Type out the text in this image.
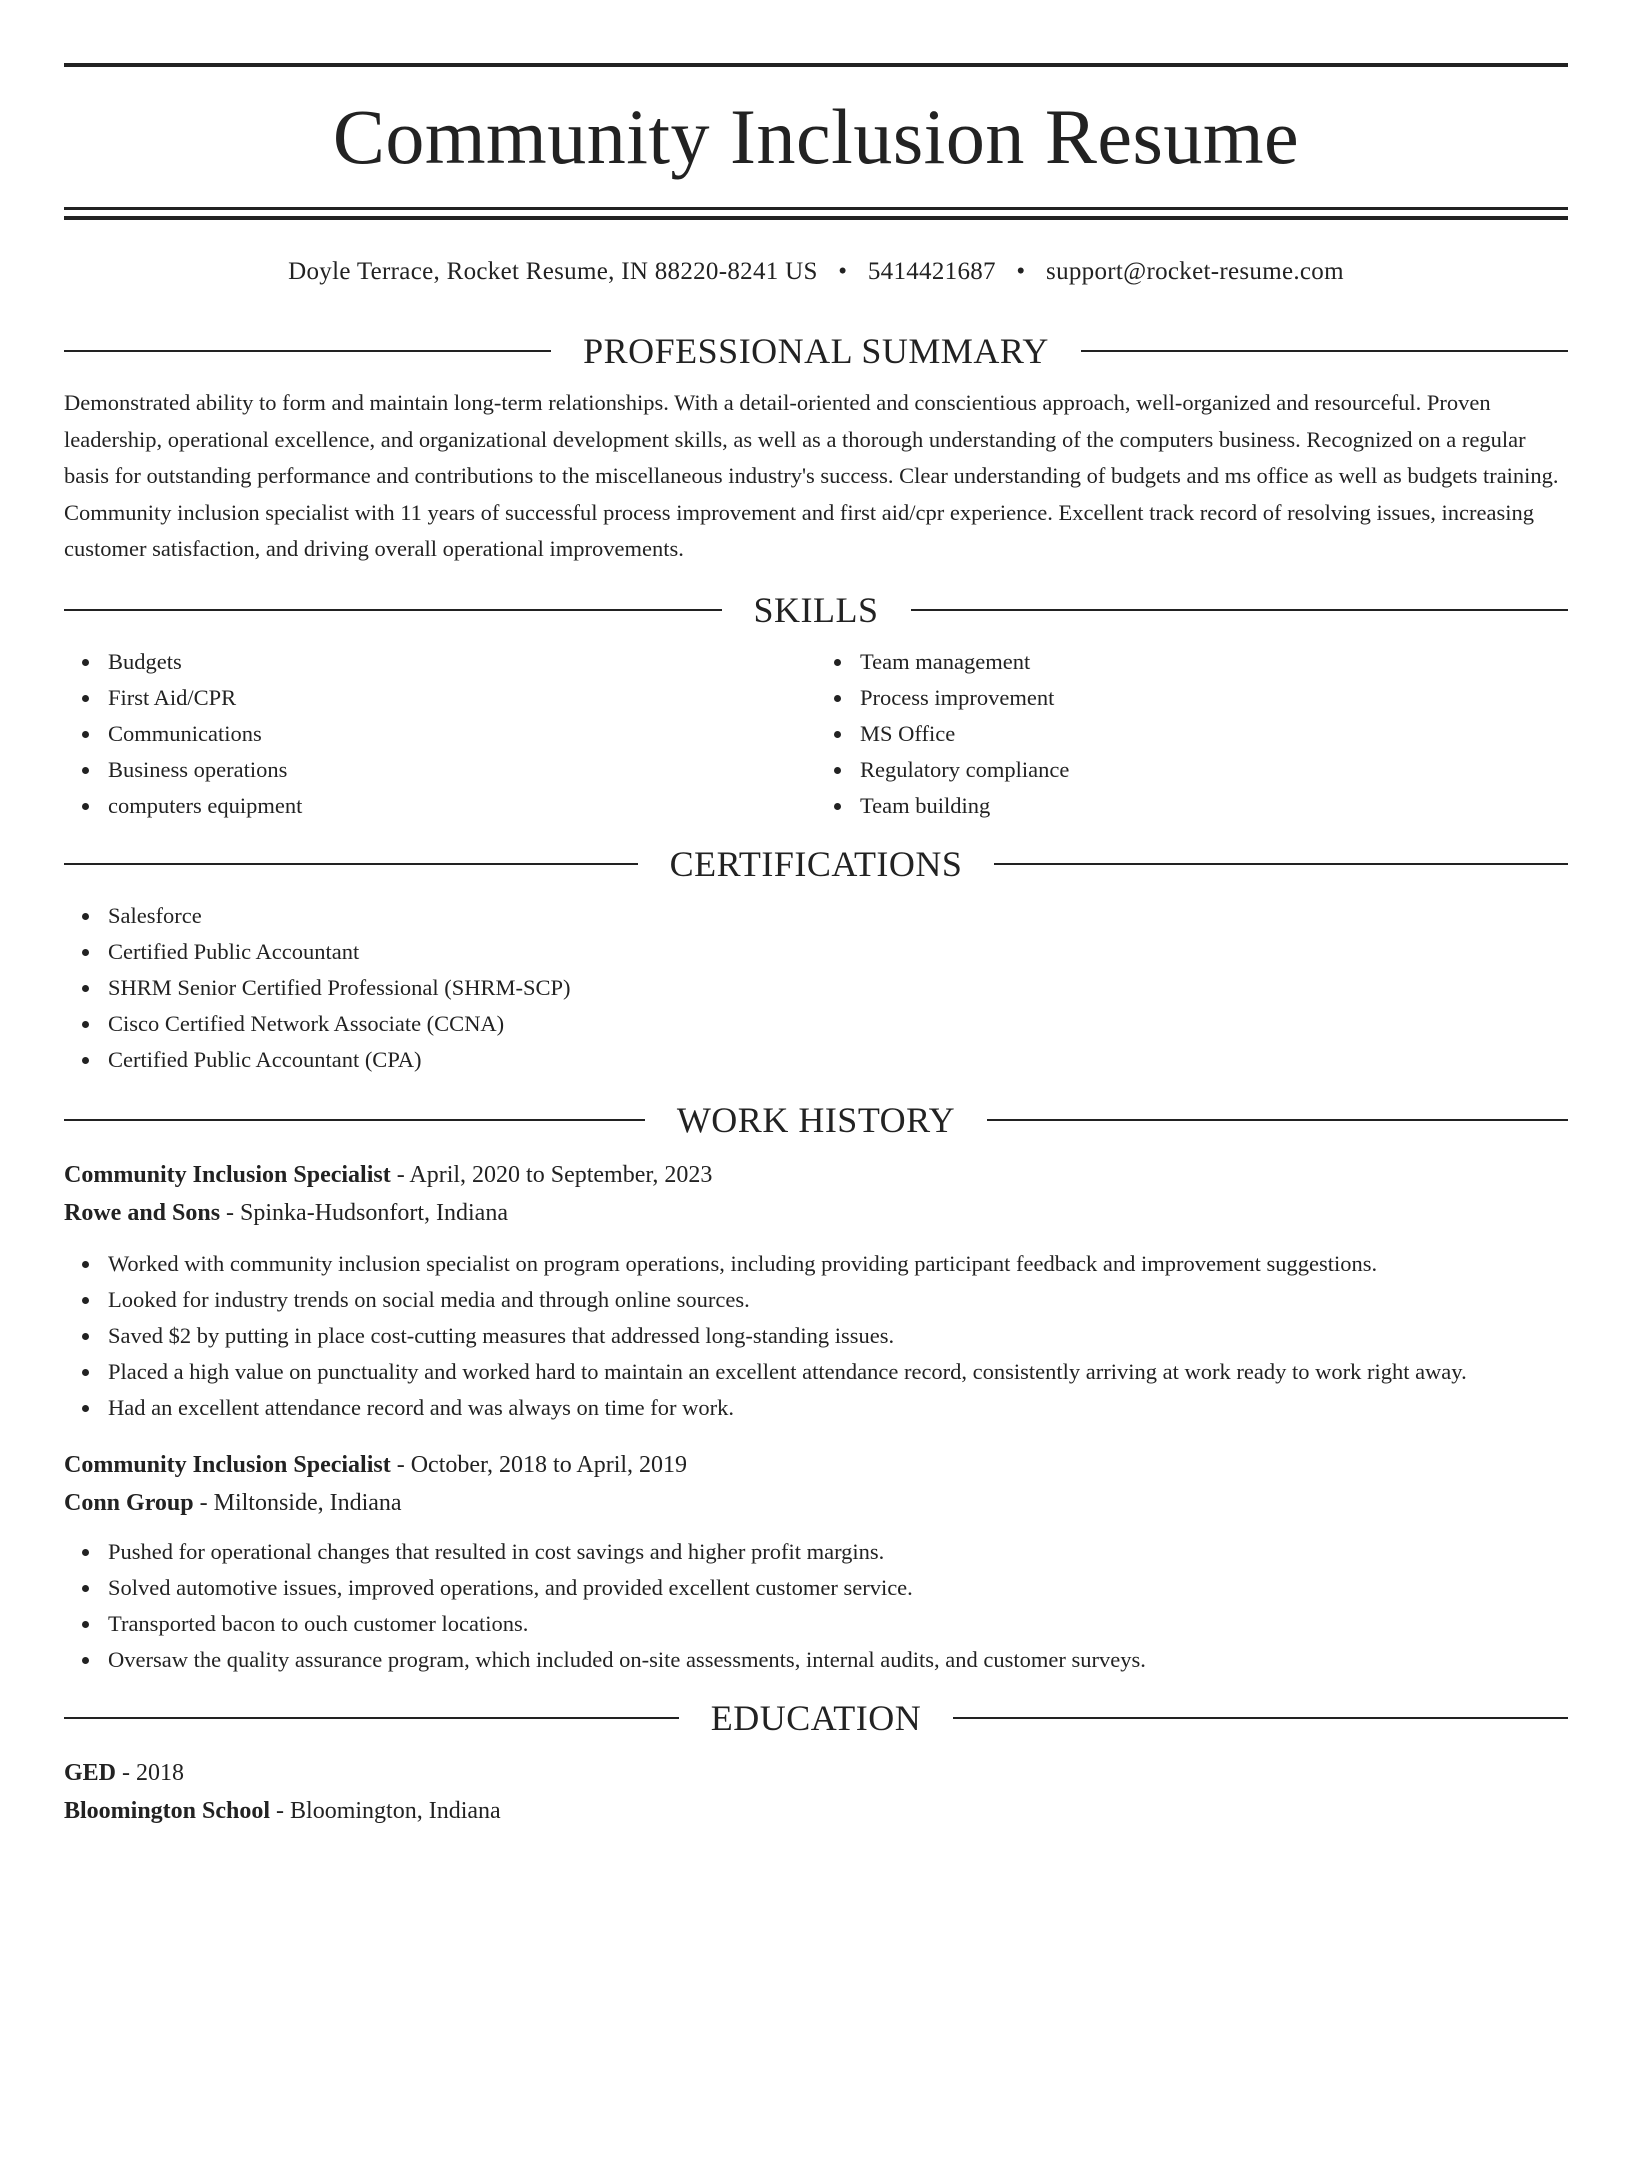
Community Inclusion Resume
Doyle Terrace, Rocket Resume, IN 88220-8241 US • 5414421687 • support@rocket-resume.com
PROFESSIONAL SUMMARY

Demonstrated ability to form and maintain long-term relationships. With a detail-oriented and conscientious approach, well-organized and resourceful. Proven leadership, operational excellence, and organizational development skills, as well as a thorough understanding of the computers business. Recognized on a regular basis for outstanding performance and contributions to the miscellaneous industry's success. Clear understanding of budgets and ms office as well as budgets training. Community inclusion specialist with 11 years of successful process improvement and first aid/cpr experience. Excellent track record of resolving issues, increasing customer satisfaction, and driving overall operational improvements.

SKILLS
Budgets
First Aid/CPR
Communications
Business operations
computers equipment
Team management
Process improvement
MS Office
Regulatory compliance
Team building
CERTIFICATIONS
Salesforce
Certified Public Accountant
SHRM Senior Certified Professional (SHRM-SCP)
Cisco Certified Network Associate (CCNA)
Certified Public Accountant (CPA)
WORK HISTORY
Community Inclusion Specialist - April, 2020 to September, 2023
Rowe and Sons - Spinka-Hudsonfort, Indiana
Worked with community inclusion specialist on program operations, including providing participant feedback and improvement suggestions.
Looked for industry trends on social media and through online sources.
Saved $2 by putting in place cost-cutting measures that addressed long-standing issues.
Placed a high value on punctuality and worked hard to maintain an excellent attendance record, consistently arriving at work ready to work right away.
Had an excellent attendance record and was always on time for work.
Community Inclusion Specialist - October, 2018 to April, 2019
Conn Group - Miltonside, Indiana
Pushed for operational changes that resulted in cost savings and higher profit margins.
Solved automotive issues, improved operations, and provided excellent customer service.
Transported bacon to ouch customer locations.
Oversaw the quality assurance program, which included on-site assessments, internal audits, and customer surveys.
EDUCATION
GED - 2018
Bloomington School - Bloomington, Indiana
